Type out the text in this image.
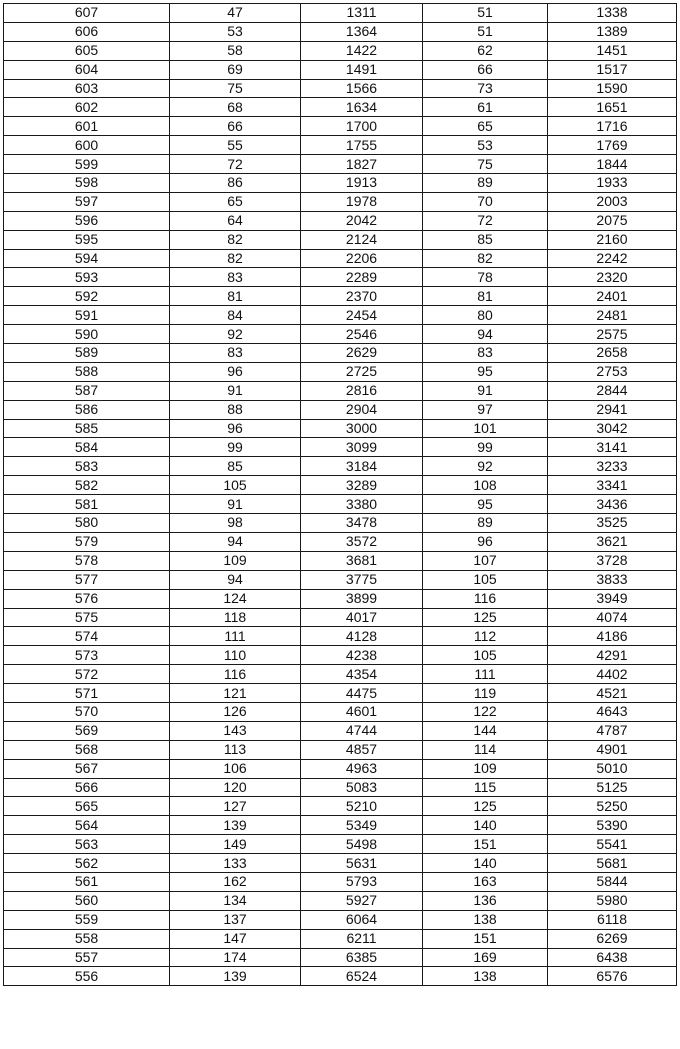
607	47	1311	51	1338
606	53	1364	51	1389
605	58	1422	62	1451
604	69	1491	66	1517
603	75	1566	73	1590
602	68	1634	61	1651
601	66	1700	65	1716
600	55	1755	53	1769
599	72	1827	75	1844
598	86	1913	89	1933
597	65	1978	70	2003
596	64	2042	72	2075
595	82	2124	85	2160
594	82	2206	82	2242
593	83	2289	78	2320
592	81	2370	81	2401
591	84	2454	80	2481
590	92	2546	94	2575
589	83	2629	83	2658
588	96	2725	95	2753
587	91	2816	91	2844
586	88	2904	97	2941
585	96	3000	101	3042
584	99	3099	99	3141
583	85	3184	92	3233
582	105	3289	108	3341
581	91	3380	95	3436
580	98	3478	89	3525
579	94	3572	96	3621
578	109	3681	107	3728
577	94	3775	105	3833
576	124	3899	116	3949
575	118	4017	125	4074
574	111	4128	112	4186
573	110	4238	105	4291
572	116	4354	111	4402
571	121	4475	119	4521
570	126	4601	122	4643
569	143	4744	144	4787
568	113	4857	114	4901
567	106	4963	109	5010
566	120	5083	115	5125
565	127	5210	125	5250
564	139	5349	140	5390
563	149	5498	151	5541
562	133	5631	140	5681
561	162	5793	163	5844
560	134	5927	136	5980
559	137	6064	138	6118
558	147	6211	151	6269
557	174	6385	169	6438
556	139	6524	138	6576
